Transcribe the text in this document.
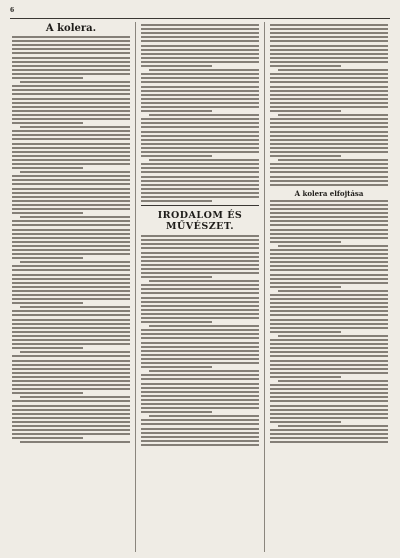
6
A kolera.
IRODALOM ÉS MŰVÉSZET.
A kolera elfojtása
